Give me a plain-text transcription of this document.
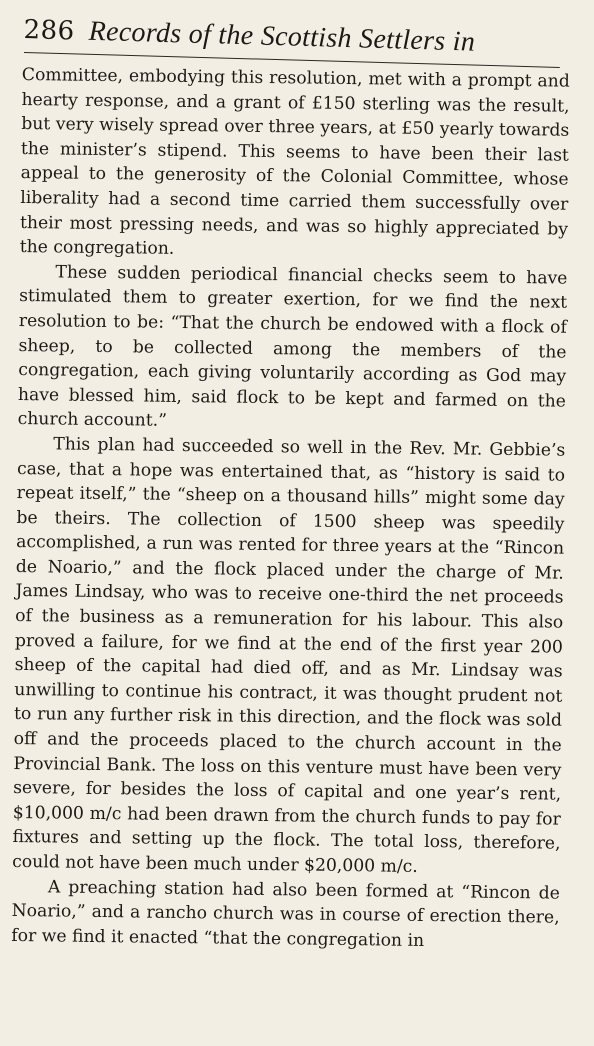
286 Records of the Scottish Settlers in

Committee, embodying this resolution, met with a prompt and hearty response, and a grant of £150 sterling was the result, but very wisely spread over three years, at £50 yearly towards the minister’s stipend. This seems to have been their last appeal to the generosity of the Colonial Committee, whose liberality had a second time carried them successfully over their most pressing needs, and was so highly appreciated by the congregation.

These sudden periodical financial checks seem to have stimulated them to greater exertion, for we find the next resolution to be: “That the church be endowed with a flock of sheep, to be collected among the members of the congregation, each giving voluntarily according as God may have blessed him, said flock to be kept and farmed on the church account.”

This plan had succeeded so well in the Rev. Mr. Gebbie’s case, that a hope was entertained that, as “history is said to repeat itself,” the “sheep on a thousand hills” might some day be theirs. The collection of 1500 sheep was speedily accomplished, a run was rented for three years at the “Rincon de Noario,” and the flock placed under the charge of Mr. James Lindsay, who was to receive one-third the net proceeds of the business as a remuneration for his labour. This also proved a failure, for we find at the end of the first year 200 sheep of the capital had died off, and as Mr. Lindsay was unwilling to continue his contract, it was thought prudent not to run any further risk in this direction, and the flock was sold off and the proceeds placed to the church account in the Provincial Bank. The loss on this venture must have been very severe, for besides the loss of capital and one year’s rent, $10,000 m/c had been drawn from the church funds to pay for fixtures and setting up the flock. The total loss, therefore, could not have been much under $20,000 m/c.

A preaching station had also been formed at “Rincon de Noario,” and a rancho church was in course of erection there, for we find it enacted “that the congregation in
